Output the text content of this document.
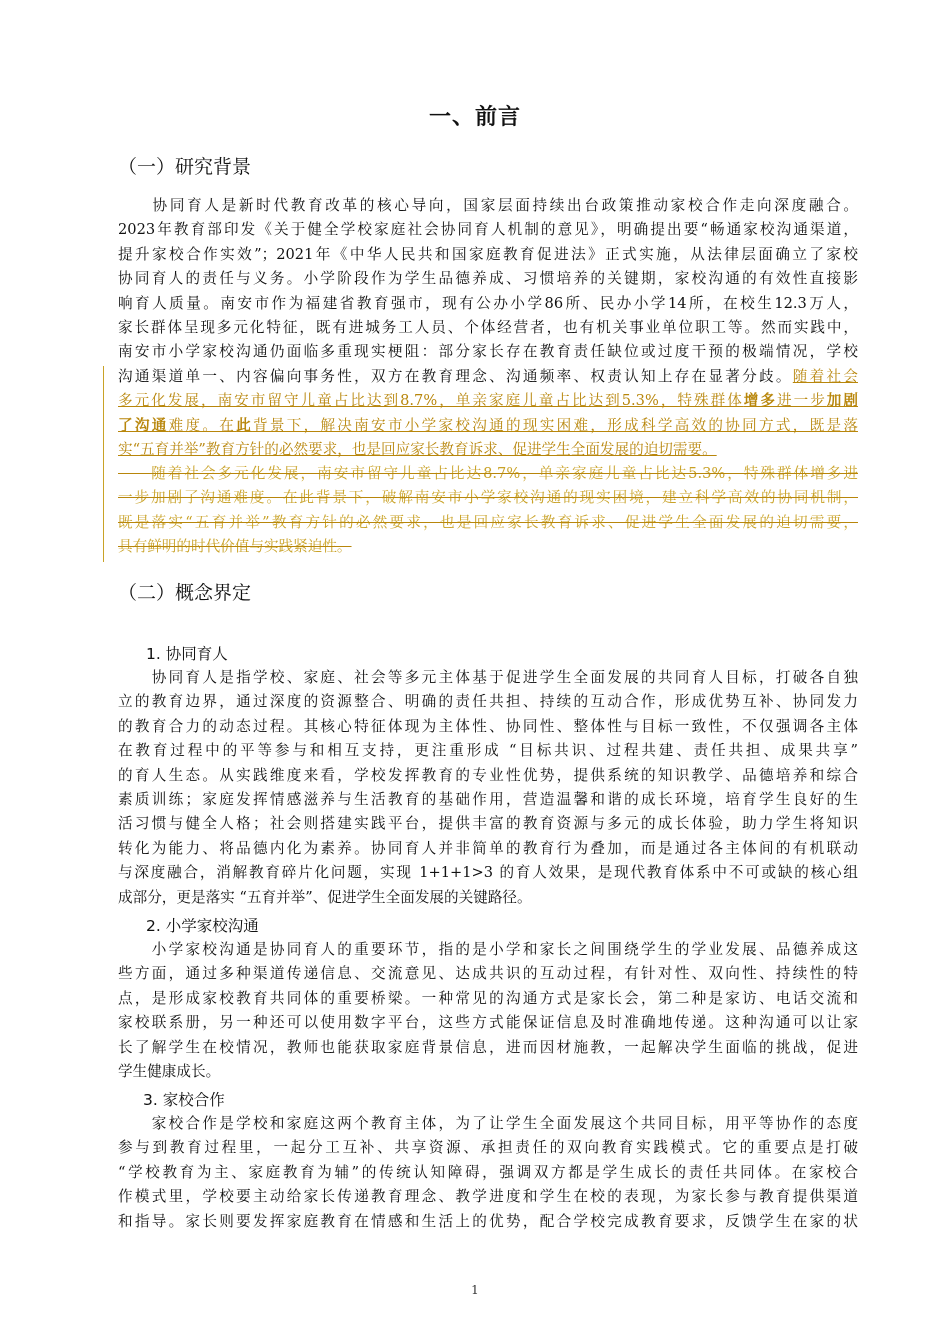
一、前言
（一）研究背景
　　协同育人是新时代教育改革的核心导向，国家层面持续出台政策推动家校合作走向深度融合。
2023年教育部印发《关于健全学校家庭社会协同育人机制的意见》，明确提出要“畅通家校沟通渠道，
提升家校合作实效”；2021年《中华人民共和国家庭教育促进法》正式实施，从法律层面确立了家校
协同育人的责任与义务。小学阶段作为学生品德养成、习惯培养的关键期，家校沟通的有效性直接影
响育人质量。南安市作为福建省教育强市，现有公办小学86所、民办小学14所，在校生12.3万人，
家长群体呈现多元化特征，既有进城务工人员、个体经营者，也有机关事业单位职工等。然而实践中，
南安市小学家校沟通仍面临多重现实梗阻：部分家长存在教育责任缺位或过度干预的极端情况，学校
沟通渠道单一、内容偏向事务性，双方在教育理念、沟通频率、权责认知上存在显著分歧。随着社会
多元化发展，南安市留守儿童占比达到8.7%，单亲家庭儿童占比达到5.3%，特殊群体增多进一步加剧
了沟通难度。在此背景下，解决南安市小学家校沟通的现实困难，形成科学高效的协同方式，既是落
实“五育并举”教育方针的必然要求，也是回应家长教育诉求、促进学生全面发展的迫切需要。
　　随着社会多元化发展，南安市留守儿童占比达8.7%，单亲家庭儿童占比达5.3%，特殊群体增多进
一步加剧了沟通难度。在此背景下，破解南安市小学家校沟通的现实困境，建立科学高效的协同机制，
既是落实“五育并举”教育方针的必然要求，也是回应家长教育诉求、促进学生全面发展的迫切需要，
具有鲜明的时代价值与实践紧迫性。
（二）概念界定
1. 协同育人
　　协同育人是指学校、家庭、社会等多元主体基于促进学生全面发展的共同育人目标，打破各自独
立的教育边界，通过深度的资源整合、明确的责任共担、持续的互动合作，形成优势互补、协同发力
的教育合力的动态过程。其核心特征体现为主体性、协同性、整体性与目标一致性，不仅强调各主体
在教育过程中的平等参与和相互支持，更注重形成 “目标共识、过程共建、责任共担、成果共享”
的育人生态。从实践维度来看，学校发挥教育的专业性优势，提供系统的知识教学、品德培养和综合
素质训练；家庭发挥情感滋养与生活教育的基础作用，营造温馨和谐的成长环境，培育学生良好的生
活习惯与健全人格；社会则搭建实践平台，提供丰富的教育资源与多元的成长体验，助力学生将知识
转化为能力、将品德内化为素养。协同育人并非简单的教育行为叠加，而是通过各主体间的有机联动
与深度融合，消解教育碎片化问题，实现 1+1+1>3 的育人效果，是现代教育体系中不可或缺的核心组
成部分，更是落实 “五育并举”、促进学生全面发展的关键路径。
2. 小学家校沟通
　　小学家校沟通是协同育人的重要环节，指的是小学和家长之间围绕学生的学业发展、品德养成这
些方面，通过多种渠道传递信息、交流意见、达成共识的互动过程，有针对性、双向性、持续性的特
点，是形成家校教育共同体的重要桥梁。一种常见的沟通方式是家长会，第二种是家访、电话交流和
家校联系册，另一种还可以使用数字平台，这些方式能保证信息及时准确地传递。这种沟通可以让家
长了解学生在校情况，教师也能获取家庭背景信息，进而因材施教，一起解决学生面临的挑战，促进
学生健康成长。
3. 家校合作
　　家校合作是学校和家庭这两个教育主体，为了让学生全面发展这个共同目标，用平等协作的态度
参与到教育过程里，一起分工互补、共享资源、承担责任的双向教育实践模式。它的重要点是打破
“学校教育为主、家庭教育为辅”的传统认知障碍，强调双方都是学生成长的责任共同体。在家校合
作模式里，学校要主动给家长传递教育理念、教学进度和学生在校的表现，为家长参与教育提供渠道
和指导。家长则要发挥家庭教育在情感和生活上的优势，配合学校完成教育要求，反馈学生在家的状
1
